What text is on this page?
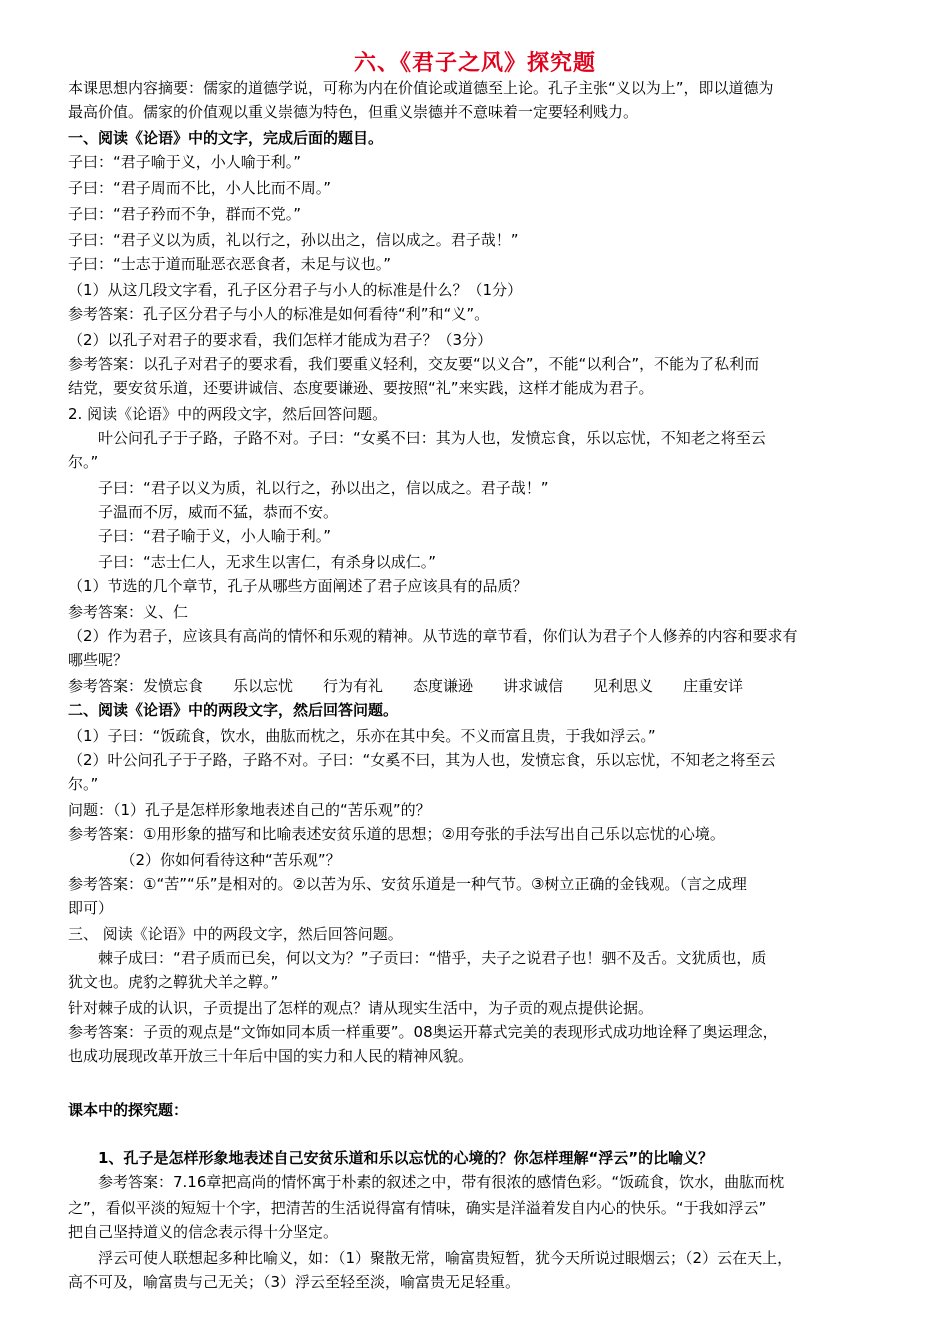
六、《君子之风》探究题
本课思想内容摘要：儒家的道德学说，可称为内在价值论或道德至上论。孔子主张“义以为上”，即以道德为
最高价值。儒家的价值观以重义崇德为特色，但重义崇德并不意味着一定要轻利贱力。
一、阅读《论语》中的文字，完成后面的题目。
子曰：“君子喻于义，小人喻于利。”
子曰：“君子周而不比，小人比而不周。”
子曰：“君子矜而不争，群而不党。”
子曰：“君子义以为质，礼以行之，孙以出之，信以成之。君子哉！”
子曰：“士志于道而耻恶衣恶食者，未足与议也。”
（1）从这几段文字看，孔子区分君子与小人的标准是什么？（1分）
参考答案：孔子区分君子与小人的标准是如何看待“利”和“义”。
（2）以孔子对君子的要求看，我们怎样才能成为君子？（3分）
参考答案：以孔子对君子的要求看，我们要重义轻利，交友要“以义合”，不能“以利合”，不能为了私利而
结党，要安贫乐道，还要讲诚信、态度要谦逊、要按照“礼”来实践，这样才能成为君子。
2. 阅读《论语》中的两段文字，然后回答问题。
　　叶公问孔子于子路，子路不对。子曰：“女奚不曰：其为人也，发愤忘食，乐以忘忧，不知老之将至云
尔。”
　　子曰：“君子以义为质，礼以行之，孙以出之，信以成之。君子哉！”
　　子温而不厉，威而不猛，恭而不安。
　　子曰：“君子喻于义，小人喻于利。”
　　子曰：“志士仁人，无求生以害仁，有杀身以成仁。”
（1）节选的几个章节，孔子从哪些方面阐述了君子应该具有的品质？
参考答案：义、仁
（2）作为君子，应该具有高尚的情怀和乐观的精神。从节选的章节看，你们认为君子个人修养的内容和要求有
哪些呢？
参考答案：发愤忘食　　乐以忘忧　　行为有礼　　态度谦逊　　讲求诚信　　见利思义　　庄重安详
二、阅读《论语》中的两段文字，然后回答问题。
（1）子曰：“饭疏食，饮水，曲肱而枕之，乐亦在其中矣。不义而富且贵，于我如浮云。”
（2）叶公问孔子于子路，子路不对。子曰：“女奚不曰，其为人也，发愤忘食，乐以忘忧，不知老之将至云
尔。”
问题：（1）孔子是怎样形象地表述自己的“苦乐观”的？
参考答案：①用形象的描写和比喻表述安贫乐道的思想；②用夸张的手法写出自己乐以忘忧的心境。
　　　　（2）你如何看待这种“苦乐观”？
参考答案：①“苦”“乐”是相对的。②以苦为乐、安贫乐道是一种气节。③树立正确的金钱观。（言之成理
即可）
三、 阅读《论语》中的两段文字，然后回答问题。
　　棘子成曰：“君子质而已矣，何以文为？”子贡曰：“惜乎，夫子之说君子也！驷不及舌。文犹质也，质
犹文也。虎豹之鞟犹犬羊之鞟。”
针对棘子成的认识，子贡提出了怎样的观点？请从现实生活中，为子贡的观点提供论据。
参考答案：子贡的观点是“文饰如同本质一样重要”。08奥运开幕式完美的表现形式成功地诠释了奥运理念，
也成功展现改革开放三十年后中国的实力和人民的精神风貌。
课本中的探究题：
　　1、孔子是怎样形象地表述自己安贫乐道和乐以忘忧的心境的？你怎样理解“浮云”的比喻义？
　　参考答案：7.16章把高尚的情怀寓于朴素的叙述之中，带有很浓的感情色彩。“饭疏食，饮水，曲肱而枕
之”，看似平淡的短短十个字，把清苦的生活说得富有情味，确实是洋溢着发自内心的快乐。“于我如浮云”
把自己坚持道义的信念表示得十分坚定。
　　浮云可使人联想起多种比喻义，如：（1）聚散无常，喻富贵短暂，犹今天所说过眼烟云；（2）云在天上，
高不可及，喻富贵与己无关；（3）浮云至轻至淡，喻富贵无足轻重。
